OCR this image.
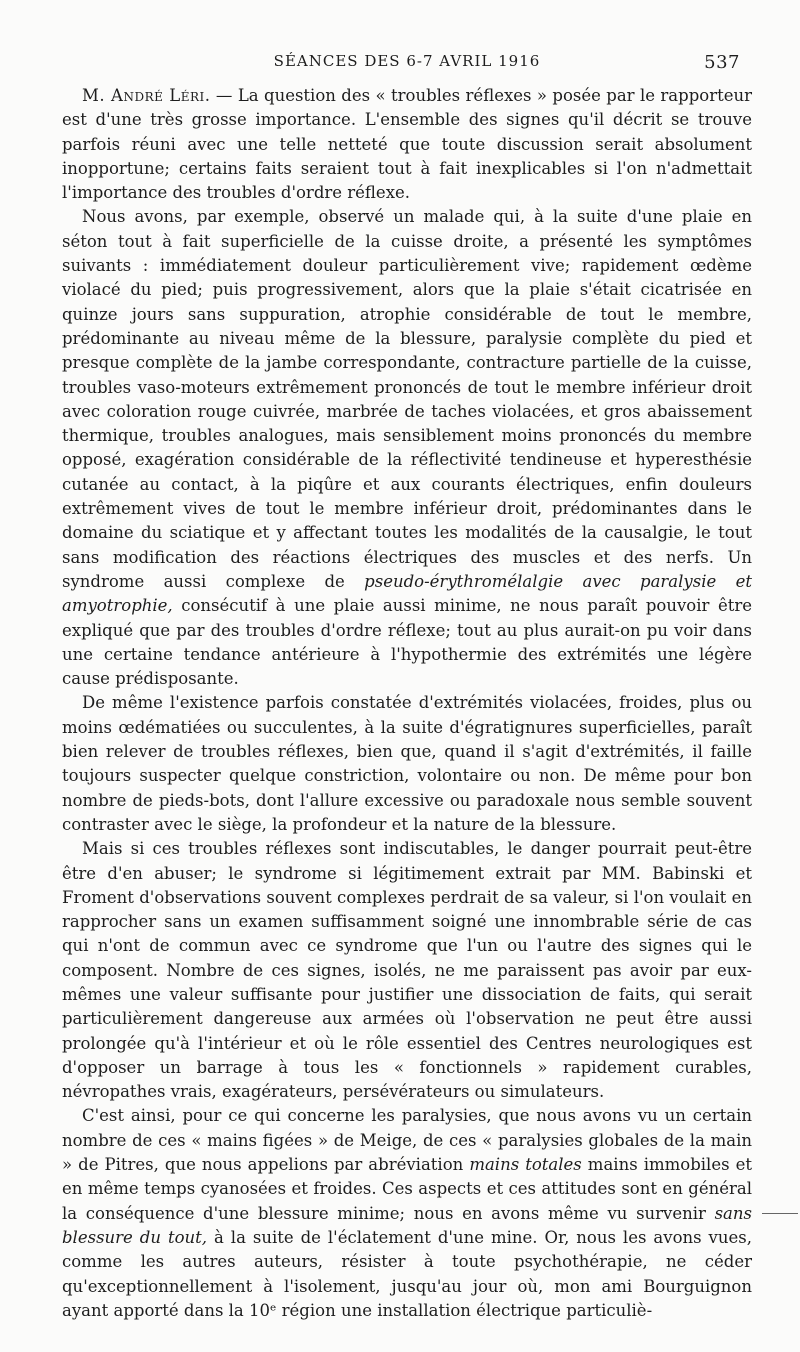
SÉANCES DES 6-7 AVRIL 1916	537

M. André Léri. — La question des « troubles réflexes » posée par le rapporteur est d'une très grosse importance. L'ensemble des signes qu'il décrit se trouve parfois réuni avec une telle netteté que toute discussion serait absolument inopportune; certains faits seraient tout à fait inexplicables si l'on n'admettait l'importance des troubles d'ordre réflexe.

Nous avons, par exemple, observé un malade qui, à la suite d'une plaie en séton tout à fait superficielle de la cuisse droite, a présenté les symptômes suivants : immédiatement douleur particulièrement vive; rapidement œdème violacé du pied; puis progressivement, alors que la plaie s'était cicatrisée en quinze jours sans suppuration, atrophie considérable de tout le membre, prédominante au niveau même de la blessure, paralysie complète du pied et presque complète de la jambe correspondante, contracture partielle de la cuisse, troubles vaso-moteurs extrêmement prononcés de tout le membre inférieur droit avec coloration rouge cuivrée, marbrée de taches violacées, et gros abaissement thermique, troubles analogues, mais sensiblement moins prononcés du membre opposé, exagération considérable de la réflectivité tendineuse et hyperesthésie cutanée au contact, à la piqûre et aux courants électriques, enfin douleurs extrêmement vives de tout le membre inférieur droit, prédominantes dans le domaine du sciatique et y affectant toutes les modalités de la causalgie, le tout sans modification des réactions électriques des muscles et des nerfs. Un syndrome aussi complexe de pseudo-érythromélalgie avec paralysie et amyotrophie, consécutif à une plaie aussi minime, ne nous paraît pouvoir être expliqué que par des troubles d'ordre réflexe; tout au plus aurait-on pu voir dans une certaine tendance antérieure à l'hypothermie des extrémités une légère cause prédisposante.

De même l'existence parfois constatée d'extrémités violacées, froides, plus ou moins œdématiées ou succulentes, à la suite d'égratignures superficielles, paraît bien relever de troubles réflexes, bien que, quand il s'agit d'extrémités, il faille toujours suspecter quelque constriction, volontaire ou non. De même pour bon nombre de pieds-bots, dont l'allure excessive ou paradoxale nous semble souvent contraster avec le siège, la profondeur et la nature de la blessure.

Mais si ces troubles réflexes sont indiscutables, le danger pourrait peut-être être d'en abuser; le syndrome si légitimement extrait par MM. Babinski et Froment d'observations souvent complexes perdrait de sa valeur, si l'on voulait en rapprocher sans un examen suffisamment soigné une innombrable série de cas qui n'ont de commun avec ce syndrome que l'un ou l'autre des signes qui le composent. Nombre de ces signes, isolés, ne me paraissent pas avoir par eux-mêmes une valeur suffisante pour justifier une dissociation de faits, qui serait particulièrement dangereuse aux armées où l'observation ne peut être aussi prolongée qu'à l'intérieur et où le rôle essentiel des Centres neurologiques est d'opposer un barrage à tous les « fonctionnels » rapidement curables, névropathes vrais, exagérateurs, persévérateurs ou simulateurs.

C'est ainsi, pour ce qui concerne les paralysies, que nous avons vu un certain nombre de ces « mains figées » de Meige, de ces « paralysies globales de la main » de Pitres, que nous appelions par abréviation mains totales mains immobiles et en même temps cyanosées et froides. Ces aspects et ces attitudes sont en général la conséquence d'une blessure minime; nous en avons même vu survenir sans blessure du tout, à la suite de l'éclatement d'une mine. Or, nous les avons vues, comme les autres auteurs, résister à toute psychothérapie, ne céder qu'exceptionnellement à l'isolement, jusqu'au jour où, mon ami Bourguignon ayant apporté dans la 10ᵉ région une installation électrique particuliè-
